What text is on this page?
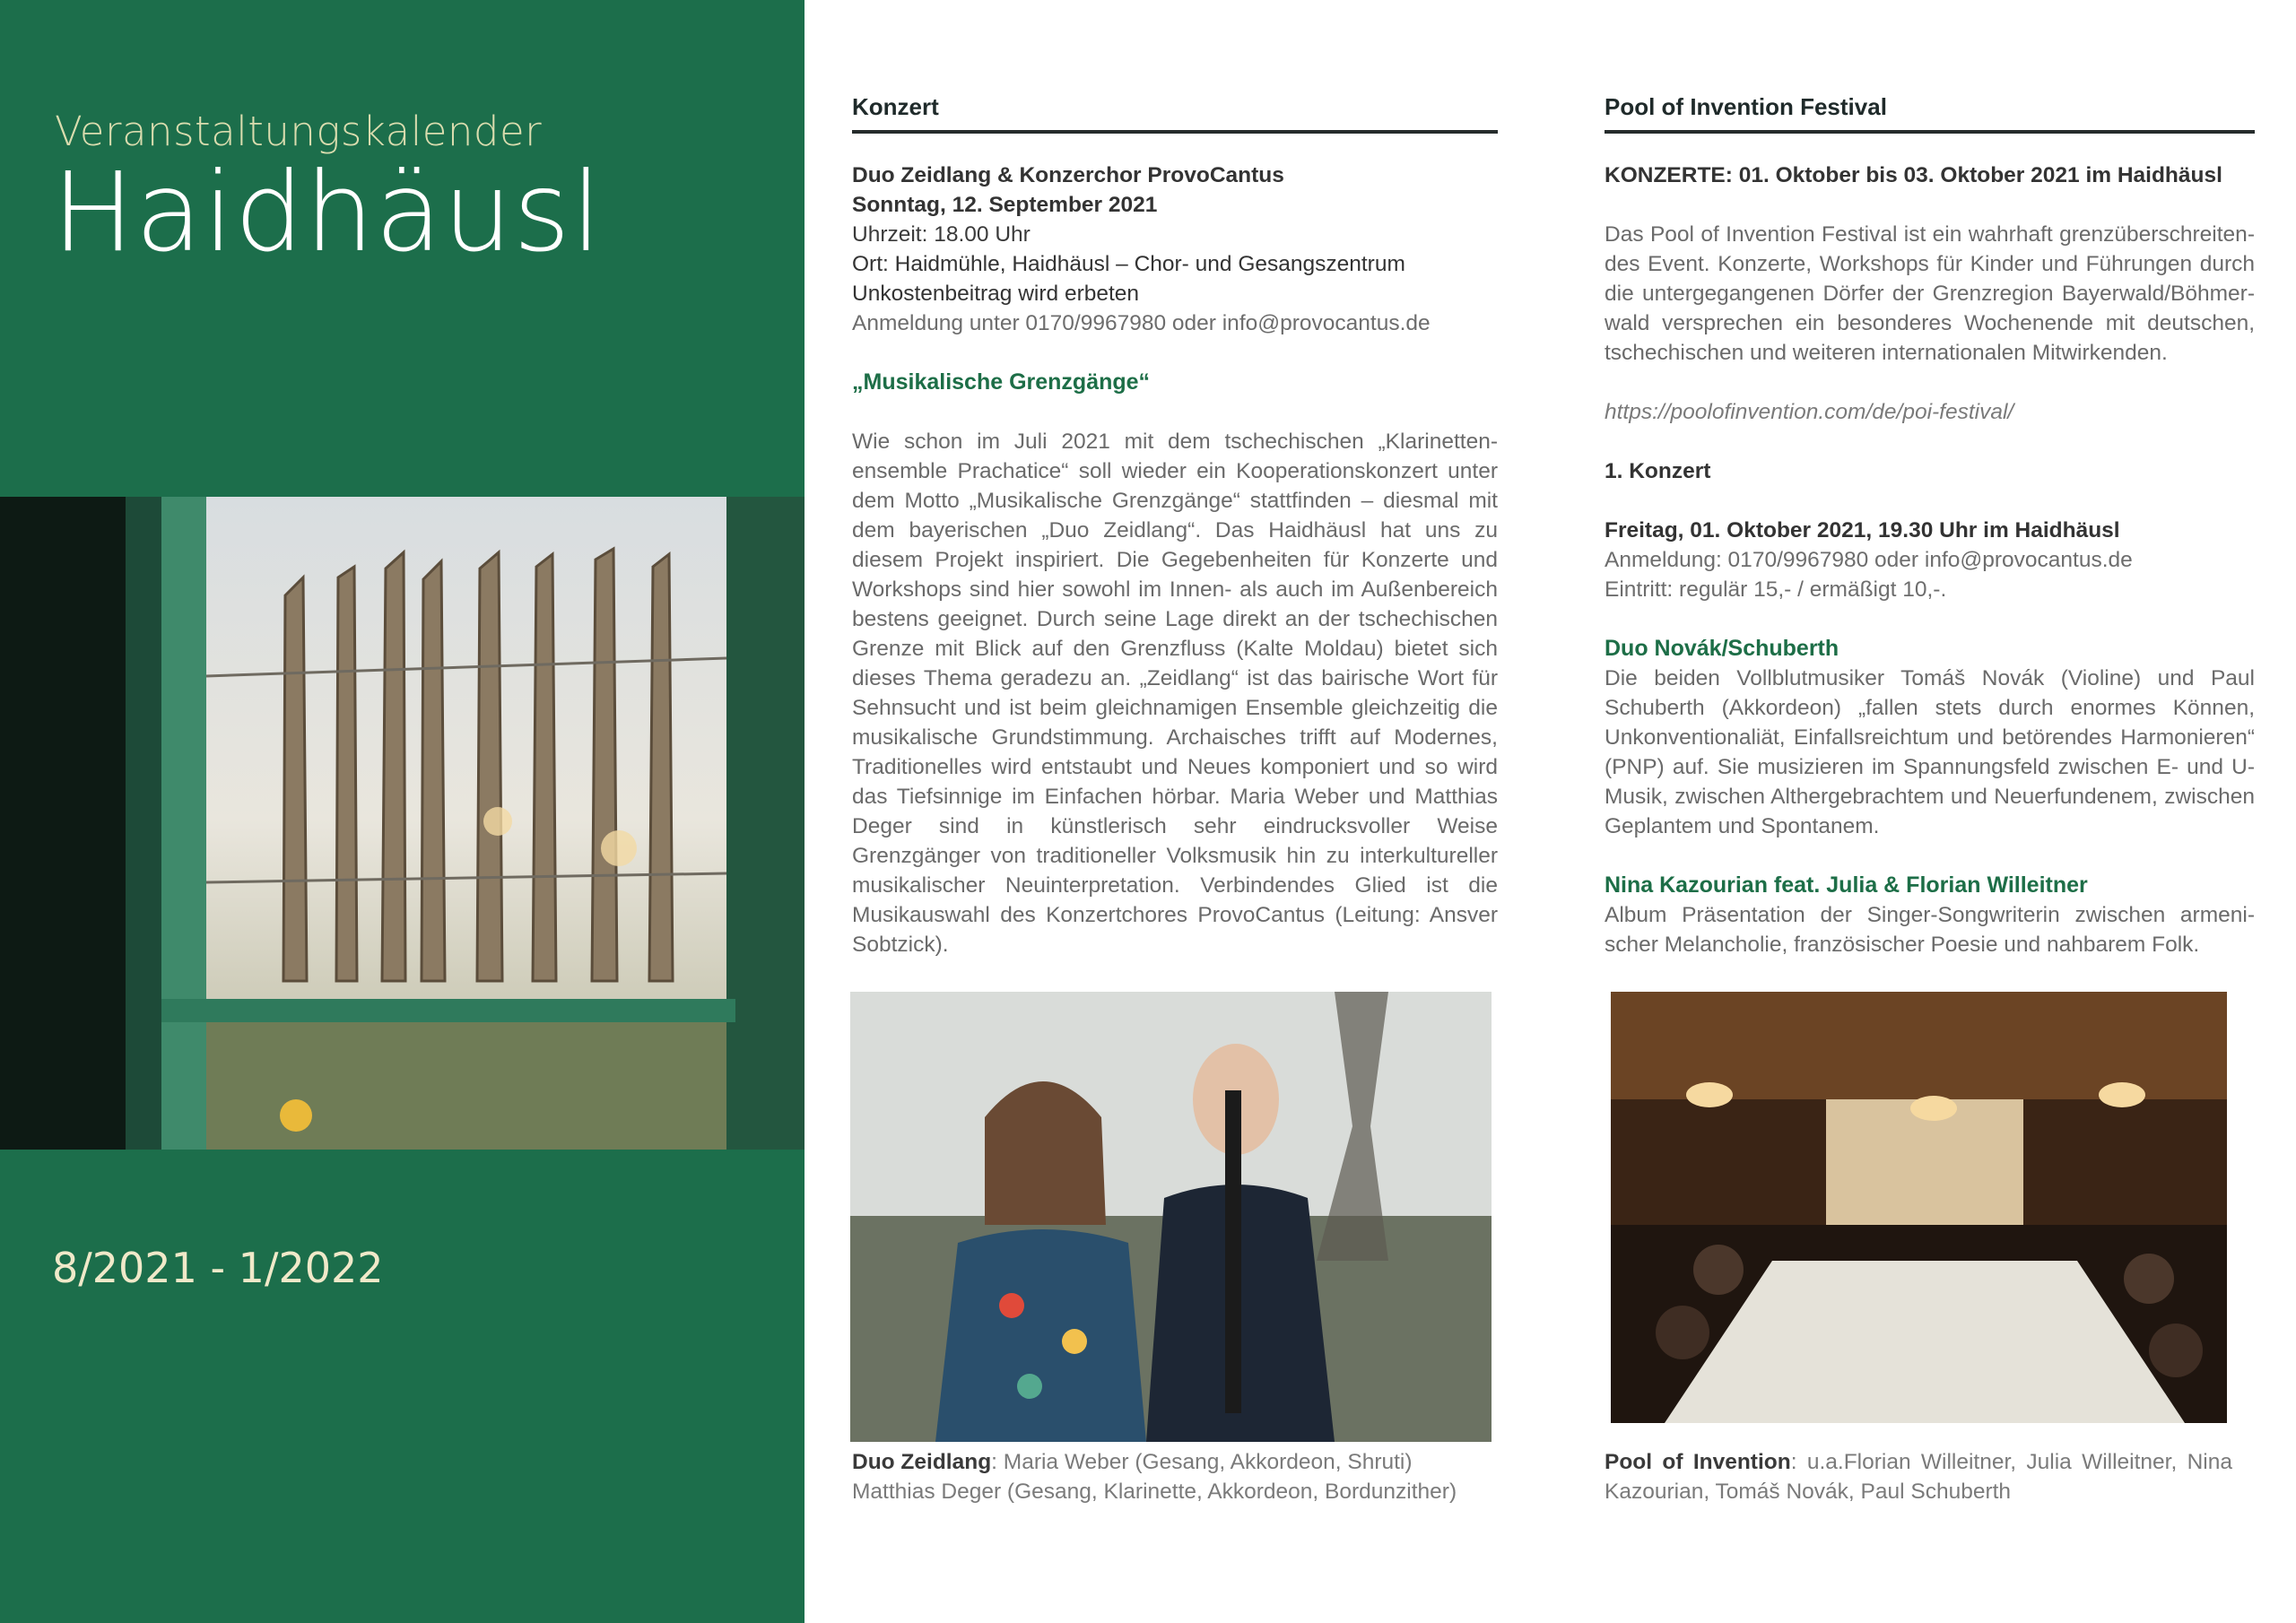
Veranstaltungskalender
Haidhäusl
8/2021 - 1/2022
Konzert
Duo Zeidlang & Konzerchor ProvoCantus
Sonntag, 12. September 2021
Uhrzeit: 18.00 Uhr
Ort: Haidmühle, Haidhäusl – Chor- und Gesangszentrum
Unkostenbeitrag wird erbeten
Anmeldung unter 0170/9967980 oder info@provocantus.de
„Musikalische Grenzgänge“
Wie schon im Juli 2021 mit dem tschechischen „Klarinettenensemble Prachatice“ soll wieder ein Kooperationskonzert unter dem Motto „Musikalische Grenzgänge“ stattfinden – diesmal mit dem bayerischen „Duo Zeidlang“. Das Haidhäusl hat uns zu diesem Projekt inspiriert. Die Gegebenheiten für Konzerte und Workshops sind hier sowohl im Innen- als auch im Außenbereich bestens geeignet. Durch seine Lage direkt an der tschechischen Grenze mit Blick auf den Grenzfluss (Kalte Moldau) bietet sich dieses Thema geradezu an. „Zeidlang“ ist das bairische Wort für Sehnsucht und ist beim gleichnamigen Ensemble gleichzeitig die musikalische Grundstimmung. Archaisches trifft auf Modernes, Traditionelles wird entstaubt und Neues komponiert und so wird das Tiefsinnige im Einfachen hörbar. Maria Weber und Matthias Deger sind in künstlerisch sehr eindrucksvoller Weise Grenzgänger von traditioneller Volksmusik hin zu interkultureller musikalischer Neuinterpretation. Verbindendes Glied ist die Musikauswahl des Konzertchores ProvoCantus (Leitung: Ansver Sobtzick).
Duo Zeidlang: Maria Weber (Gesang, Akkordeon, Shruti)
Matthias Deger (Gesang, Klarinette, Akkordeon, Bordunzither)
Pool of Invention Festival
KONZERTE: 01. Oktober bis 03. Oktober 2021 im Haidhäusl
Das Pool of Invention Festival ist ein wahrhaft grenzüberschreitendes Event. Konzerte, Workshops für Kinder und Führungen durch die untergegangenen Dörfer der Grenzregion Bayerwald/Böhmerwald versprechen ein besonderes Wochenende mit deutschen, tschechischen und weiteren internationalen Mitwirkenden.
https://poolofinvention.com/de/poi-festival/
1. Konzert
Freitag, 01. Oktober 2021, 19.30 Uhr im Haidhäusl
Anmeldung: 0170/9967980 oder info@provocantus.de
Eintritt: regulär 15,- / ermäßigt 10,-.
Duo Novák/Schuberth
Die beiden Vollblutmusiker Tomáš Novák (Violine) und Paul Schuberth (Akkordeon) „fallen stets durch enormes Können, Unkonventionaliät, Einfallsreichtum und betörendes Harmonieren“ (PNP) auf. Sie musizieren im Spannungsfeld zwischen E- und U-Musik, zwischen Althergebrachtem und Neuerfundenem, zwischen Geplantem und Spontanem.
Nina Kazourian feat. Julia & Florian Willeitner
Album Präsentation der Singer-Songwriterin zwischen armenischer Melancholie, französischer Poesie und nahbarem Folk.
Pool of Invention: u.a.Florian Willeitner, Julia Willeitner, Nina Kazourian, Tomáš Novák, Paul Schuberth
